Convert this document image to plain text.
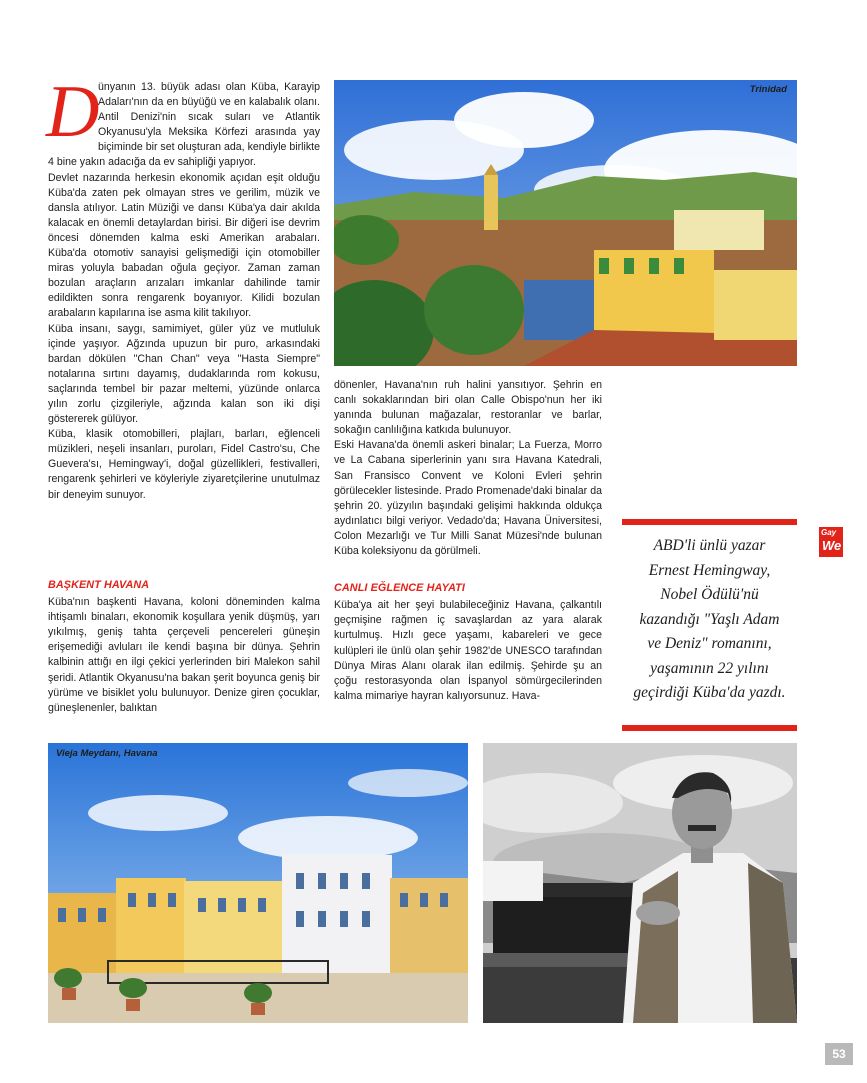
D

ünyanın 13. büyük adası olan Küba, Karayip Adaları'nın da en büyüğü ve en kalabalık olanı. Antil Denizi'nin sıcak suları ve Atlantik Okyanusu'yla Meksika Körfezi arasında yay biçiminde bir set oluşturan ada, kendiyle birlikte 4 bine yakın adacığa da ev sahipliği yapıyor.

Devlet nazarında herkesin ekonomik açıdan eşit olduğu Küba'da zaten pek olmayan stres ve gerilim, müzik ve dansla atılıyor. Latin Müziği ve dansı Küba'ya dair akılda kalacak en önemli detaylardan birisi. Bir diğeri ise devrim öncesi dönemden kalma eski Amerikan arabaları. Küba'da otomotiv sanayisi gelişmediği için otomobiller miras yoluyla babadan oğula geçiyor. Zaman zaman bozulan araçların arızaları imkanlar dahilinde tamir edildikten sonra rengarenk boyanıyor. Kilidi bozulan arabaların kapılarına ise asma kilit takılıyor.

Küba insanı, saygı, samimiyet, güler yüz ve mutluluk içinde yaşıyor. Ağzında upuzun bir puro, arkasındaki bardan dökülen "Chan Chan" veya "Hasta Siempre" notalarına sırtını dayamış, dudaklarında rom kokusu, saçlarında tembel bir pazar meltemi, yüzünde onlarca yılın zorlu çizgileriyle, ağzında kalan son iki dişi göstererek gülüyor.

Küba, klasik otomobilleri, plajları, barları, eğlenceli müzikleri, neşeli insanları, puroları, Fidel Castro'su, Che Guevera'sı, Hemingway'i, doğal güzellikleri, festivalleri, rengarenk şehirleri ve köyleriyle ziyaretçilerine unutulmaz bir deneyim sunuyor.

BAŞKENT HAVANA

Küba'nın başkenti Havana, koloni döneminden kalma ihtişamlı binaları, ekonomik koşullara yenik düşmüş, yarı yıkılmış, geniş tahta çerçeveli pencereleri güneşin erişemediği avluları ile kendi başına bir dünya. Şehrin kalbinin attığı en ilgi çekici yerlerinden biri Malekon sahil şeridi. Atlantik Okyanusu'na bakan şerit boyunca geniş bir yürüme ve bisiklet yolu bulunuyor. Denize giren çocuklar, güneşlenenler, balıktan

dönenler, Havana'nın ruh halini yansıtıyor. Şehrin en canlı sokaklarından biri olan Calle Obispo'nun her iki yanında bulunan mağazalar, restoranlar ve barlar, sokağın canlılığına katkıda bulunuyor.

Eski Havana'da önemli askeri binalar; La Fuerza, Morro ve La Cabana siperlerinin yanı sıra Havana Katedrali, San Fransisco Convent ve Koloni Evleri şehrin görülecekler listesinde. Prado Promenade'daki binalar da şehrin 20. yüzyılın başındaki gelişimi hakkında oldukça aydınlatıcı bilgi veriyor. Vedado'da; Havana Üniversitesi, Colon Mezarlığı ve Tur Milli Sanat Müzesi'nde bulunan Küba koleksiyonu da görülmeli.

CANLI EĞLENCE HAYATI

Küba'ya ait her şeyi bulabileceğiniz Havana, çalkantılı geçmişine rağmen iç savaşlardan az yara alarak kurtulmuş. Hızlı gece yaşamı, kabareleri ve gece kulüpleri ile ünlü olan şehir 1982'de UNESCO tarafından Dünya Miras Alanı olarak ilan edilmiş. Şehirde şu an çoğu restorasyonda olan İspanyol sömürgecilerinden kalma mimariye hayran kalıyorsunuz. Hava-

Trinidad
ABD'li ünlü yazar
Ernest Hemingway,
Nobel Ödülü'nü
kazandığı "Yaşlı Adam
ve Deniz" romanını,
yaşamının 22 yılını
geçirdiği Küba'da yazdı.
Gay
We
Vieja Meydanı, Havana
53
